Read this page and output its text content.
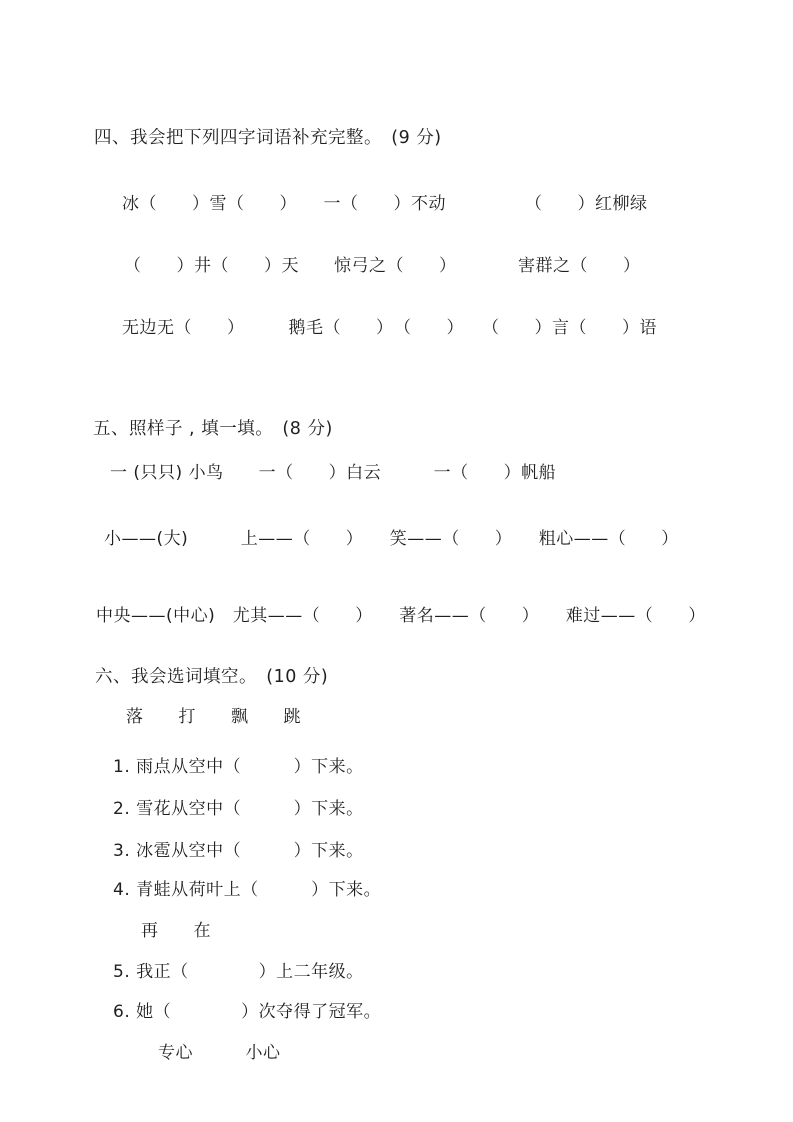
四、我会把下列四字词语补充完整。　(9 分)
冰（　　）雪（　　）　　一（　　）不动　　　　　（　　）红柳绿
（　　）井（　　）天　　惊弓之（　　）　　　　害群之（　　）
无边无（　　）　　　鹅毛（　　）　（　　）　　（　　）言（　　）语
五、照样子 , 填一填。　(8 分)
一 (只只) 小鸟　　一（　　）白云　　　一（　　）帆船
小——(大)　　　上——（　　）　　笑——（　　）　　粗心——（　　）
中央——(中心)　尤其——（　　）　　著名——（　　）　　难过——（　　）
六、我会选词填空。　(10 分)
落　　打　　飘　　跳
1. 雨点从空中（　　　）下来。
2. 雪花从空中（　　　）下来。
3. 冰雹从空中（　　　）下来。
4. 青蛙从荷叶上（　　　）下来。
再　　在
5. 我正（　　　　）上二年级。
6. 她（　　　　）次夺得了冠军。
专心　　　小心
